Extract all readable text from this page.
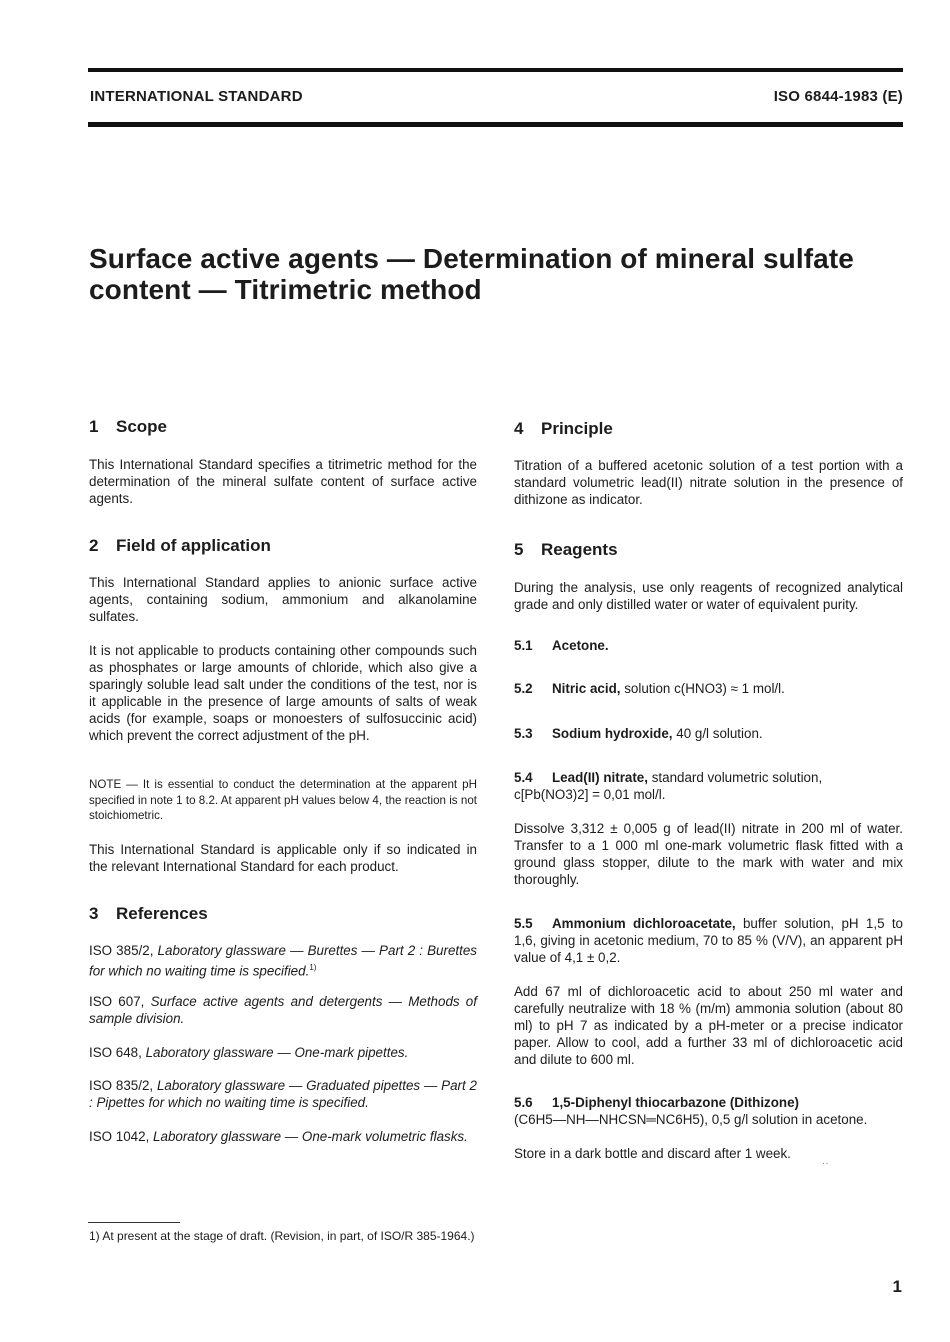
INTERNATIONAL STANDARD	ISO 6844-1983 (E)
Surface active agents — Determination of mineral sulfate
content — Titrimetric method
1 Scope

This International Standard specifies a titrimetric method for the determination of the mineral sulfate content of surface active agents.

2 Field of application

This International Standard applies to anionic surface active agents, containing sodium, ammonium and alkanolamine sulfates.

It is not applicable to products containing other compounds such as phosphates or large amounts of chloride, which also give a sparingly soluble lead salt under the conditions of the test, nor is it applicable in the presence of large amounts of salts of weak acids (for example, soaps or monoesters of sulfosuccinic acid) which prevent the correct adjustment of the pH.

NOTE — It is essential to conduct the determination at the apparent pH specified in note 1 to 8.2. At apparent pH values below 4, the reaction is not stoichiometric.

This International Standard is applicable only if so indicated in the relevant International Standard for each product.

3 References

ISO 385/2, Laboratory glassware — Burettes — Part 2 : Burettes for which no waiting time is specified.$^{1)}$

ISO 607, Surface active agents and detergents — Methods of sample division.

ISO 648, Laboratory glassware — One-mark pipettes.

ISO 835/2, Laboratory glassware — Graduated pipettes — Part 2 : Pipettes for which no waiting time is specified.

ISO 1042, Laboratory glassware — One-mark volumetric flasks.

4 Principle

Titration of a buffered acetonic solution of a test portion with a standard volumetric lead(II) nitrate solution in the presence of dithizone as indicator.

5 Reagents

During the analysis, use only reagents of recognized analytical grade and only distilled water or water of equivalent purity.

5.1 Acetone.

5.2 Nitric acid, solution c(HNO3) ≈ 1 mol/l.

5.3 Sodium hydroxide, 40 g/l solution.

5.4 Lead(II) nitrate, standard volumetric solution,
c[Pb(NO3)2] = 0,01 mol/l.

Dissolve 3,312 ± 0,005 g of lead(II) nitrate in 200 ml of water. Transfer to a 1 000 ml one-mark volumetric flask fitted with a ground glass stopper, dilute to the mark with water and mix thoroughly.

5.5 Ammonium dichloroacetate, buffer solution, pH 1,5 to 1,6, giving in acetonic medium, 70 to 85 % (V/V), an apparent pH value of 4,1 ± 0,2.

Add 67 ml of dichloroacetic acid to about 250 ml water and carefully neutralize with 18 % (m/m) ammonia solution (about 80 ml) to pH 7 as indicated by a pH-meter or a precise indicator paper. Allow to cool, add a further 33 ml of dichloroacetic acid and dilute to 600 ml.

5.6 1,5-Diphenyl thiocarbazone (Dithizone)
(C6H5—NH—NHCSN═NC6H5), 0,5 g/l solution in acetone.

Store in a dark bottle and discard after 1 week.

··
1) At present at the stage of draft. (Revision, in part, of ISO/R 385-1964.)
1
